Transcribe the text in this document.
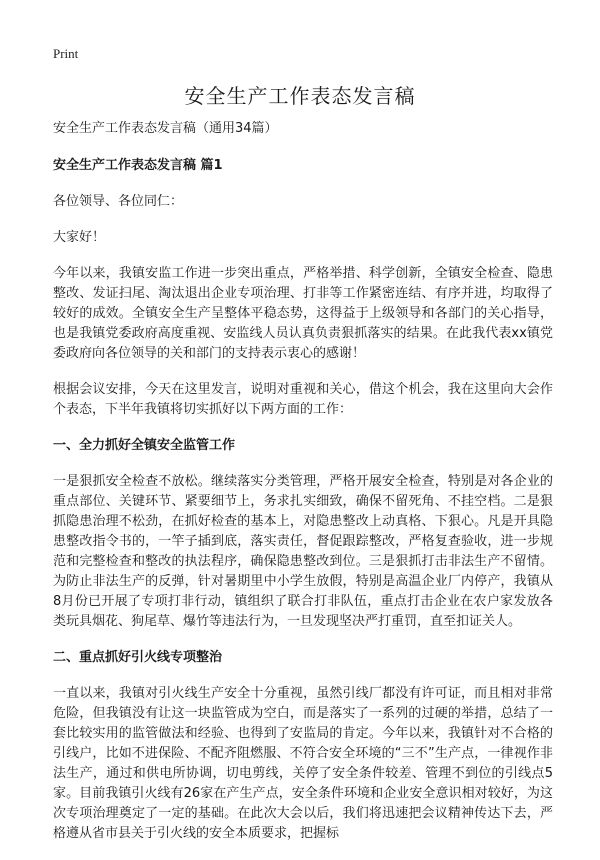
Print
安全生产工作表态发言稿

安全生产工作表态发言稿（通用34篇）

安全生产工作表态发言稿 篇1

各位领导、各位同仁：

大家好！

今年以来，我镇安监工作进一步突出重点，严格举措、科学创新，全镇安全检查、隐患整改、发证扫尾、淘汰退出企业专项治理、打非等工作紧密连结、有序并进，均取得了较好的成效。全镇安全生产呈整体平稳态势，这得益于上级领导和各部门的关心指导，也是我镇党委政府高度重视、安监线人员认真负责狠抓落实的结果。在此我代表xx镇党委政府向各位领导的关和部门的支持表示衷心的感谢！

根据会议安排，今天在这里发言，说明对重视和关心，借这个机会，我在这里向大会作个表态，下半年我镇将切实抓好以下两方面的工作：

一、全力抓好全镇安全监管工作

一是狠抓安全检查不放松。继续落实分类管理，严格开展安全检查，特别是对各企业的重点部位、关键环节、紧要细节上，务求扎实细致，确保不留死角、不挂空档。二是狠抓隐患治理不松劲，在抓好检查的基本上，对隐患整改上动真格、下狠心。凡是开具隐患整改指令书的，一竿子插到底，落实责任，督促跟踪整改，严格复查验收，进一步规范和完整检查和整改的执法程序，确保隐患整改到位。三是狠抓打击非法生产不留情。为防止非法生产的反弹，针对暑期里中小学生放假，特别是高温企业厂内停产，我镇从8月份已开展了专项打非行动，镇组织了联合打非队伍，重点打击企业在农户家发放各类玩具烟花、狗尾草、爆竹等违法行为，一旦发现坚决严打重罚，直至扣证关人。

二、重点抓好引火线专项整治

一直以来，我镇对引火线生产安全十分重视，虽然引线厂都没有许可证，而且相对非常危险，但我镇没有让这一块监管成为空白，而是落实了一系列的过硬的举措，总结了一套比较实用的监管做法和经验、也得到了安监局的肯定。今年以来，我镇针对不合格的引线户，比如不进保险、不配齐阻燃服、不符合安全环境的“三不”生产点，一律视作非法生产，通过和供电所协调，切电剪线，关停了安全条件较差、管理不到位的引线点5家。目前我镇引火线有26家在产生产点，安全条件环境和企业安全意识相对较好，为这次专项治理奠定了一定的基础。在此次大会以后，我们将迅速把会议精神传达下去，严格遵从省市县关于引火线的安全本质要求，把握标
